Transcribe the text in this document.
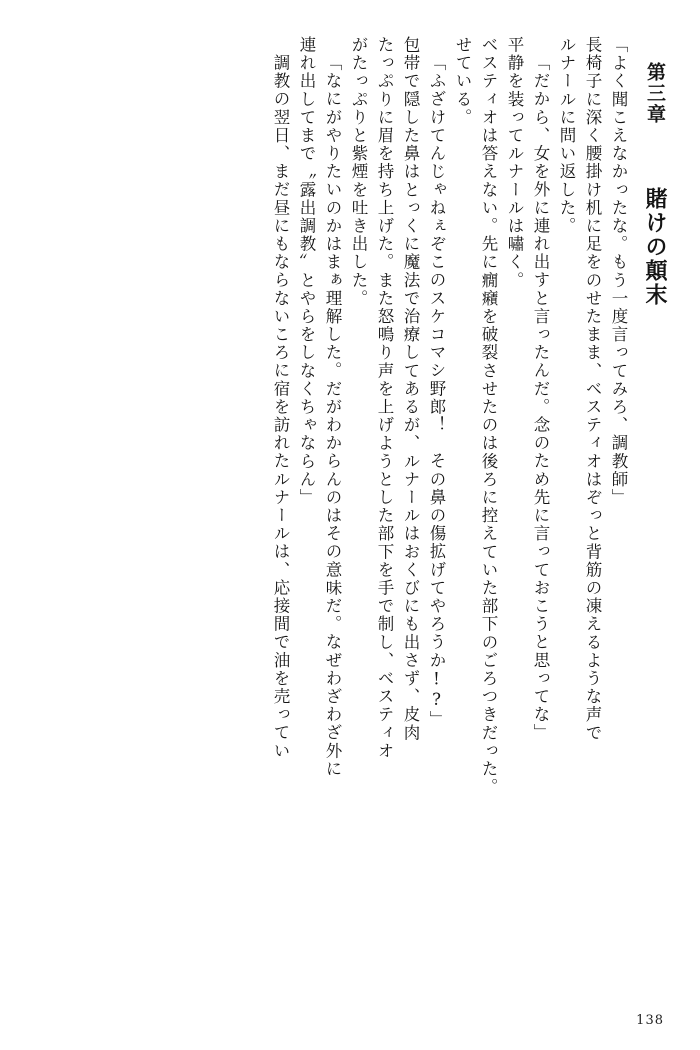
第三章  賭けの顛末
「よく聞こえなかったな。もう一度言ってみろ、調教師」
長椅子に深く腰掛け机に足をのせたまま、ベスティオはぞっと背筋の凍えるような声で
ルナールに問い返した。
「だから、女を外に連れ出すと言ったんだ。念のため先に言っておこうと思ってな」
平静を装ってルナールは嘯く。
ベスティオは答えない。先に癇癪を破裂させたのは後ろに控えていた部下のごろつきだった。
せている。
「ふざけてんじゃねぇぞこのスケコマシ野郎！　その鼻の傷拡げてやろうか!?」
包帯で隠した鼻はとっくに魔法で治療してあるが、ルナールはおくびにも出さず、皮肉
たっぷりに眉を持ち上げた。また怒鳴り声を上げようとした部下を手で制し、ベスティオ
がたっぷりと紫煙を吐き出した。
「なにがやりたいのかはまぁ理解した。だがわからんのはその意味だ。なぜわざわざ外に
連れ出してまで〝露出調教〟とやらをしなくちゃならん」
調教の翌日、まだ昼にもならないころに宿を訪れたルナールは、応接間で油を売ってい
138
